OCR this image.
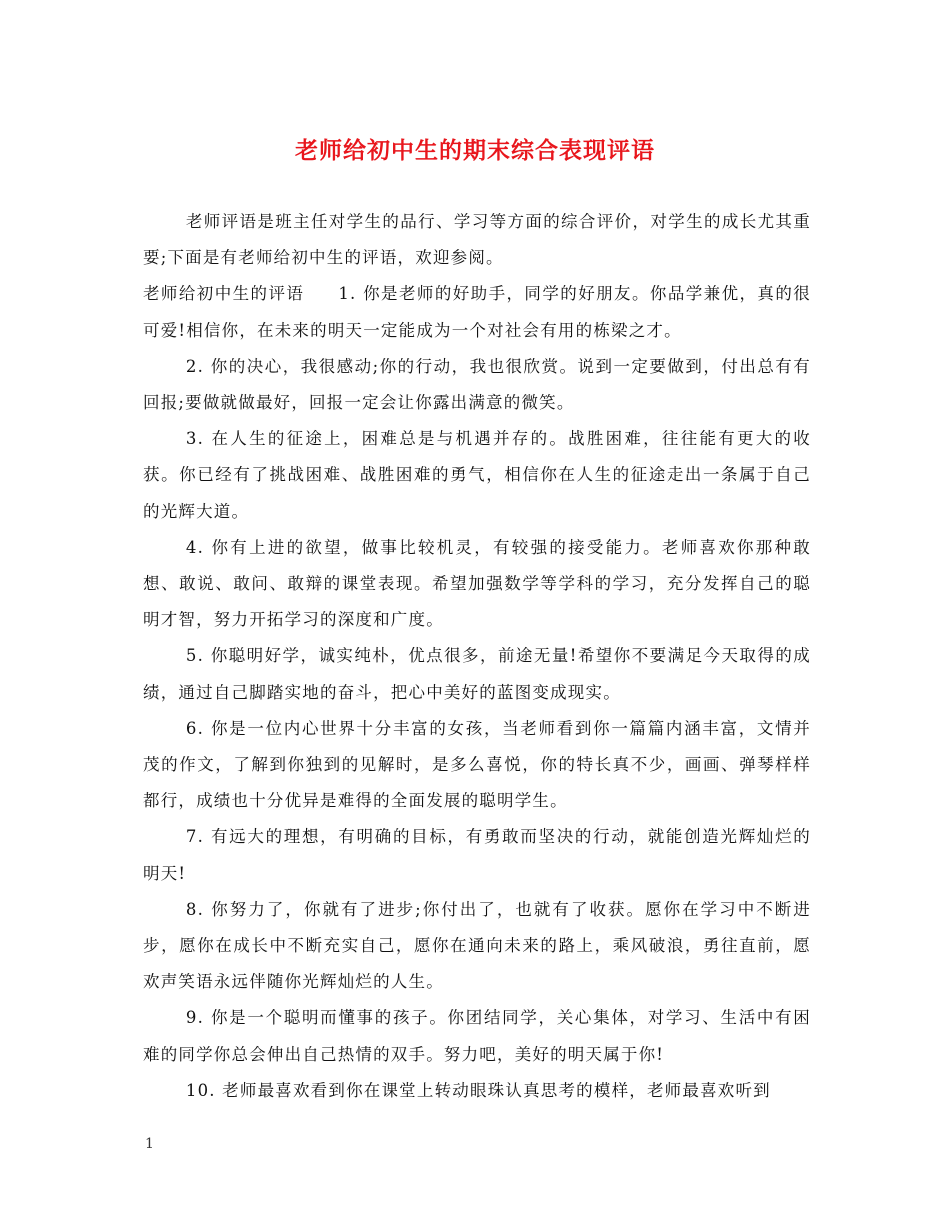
老师给初中生的期末综合表现评语

老师评语是班主任对学生的品行、学习等方面的综合评价，对学生的成长尤其重要;下面是有老师给初中生的评语，欢迎参阅。

老师给初中生的评语 1. 你是老师的好助手，同学的好朋友。你品学兼优，真的很可爱!相信你，在未来的明天一定能成为一个对社会有用的栋梁之才。

2. 你的决心，我很感动;你的行动，我也很欣赏。说到一定要做到，付出总有有回报;要做就做最好，回报一定会让你露出满意的微笑。

3. 在人生的征途上，困难总是与机遇并存的。战胜困难，往往能有更大的收获。你已经有了挑战困难、战胜困难的勇气，相信你在人生的征途走出一条属于自己的光辉大道。

4. 你有上进的欲望，做事比较机灵，有较强的接受能力。老师喜欢你那种敢想、敢说、敢问、敢辩的课堂表现。希望加强数学等学科的学习，充分发挥自己的聪明才智，努力开拓学习的深度和广度。

5. 你聪明好学，诚实纯朴，优点很多，前途无量!希望你不要满足今天取得的成绩，通过自己脚踏实地的奋斗，把心中美好的蓝图变成现实。

6. 你是一位内心世界十分丰富的女孩，当老师看到你一篇篇内涵丰富，文情并茂的作文，了解到你独到的见解时，是多么喜悦，你的特长真不少，画画、弹琴样样都行，成绩也十分优异是难得的全面发展的聪明学生。

7. 有远大的理想，有明确的目标，有勇敢而坚决的行动，就能创造光辉灿烂的明天!

8. 你努力了，你就有了进步;你付出了，也就有了收获。愿你在学习中不断进步，愿你在成长中不断充实自己，愿你在通向未来的路上，乘风破浪，勇往直前，愿欢声笑语永远伴随你光辉灿烂的人生。

9. 你是一个聪明而懂事的孩子。你团结同学，关心集体，对学习、生活中有困难的同学你总会伸出自己热情的双手。努力吧，美好的明天属于你!

10. 老师最喜欢看到你在课堂上转动眼珠认真思考的模样，老师最喜欢听到

1
